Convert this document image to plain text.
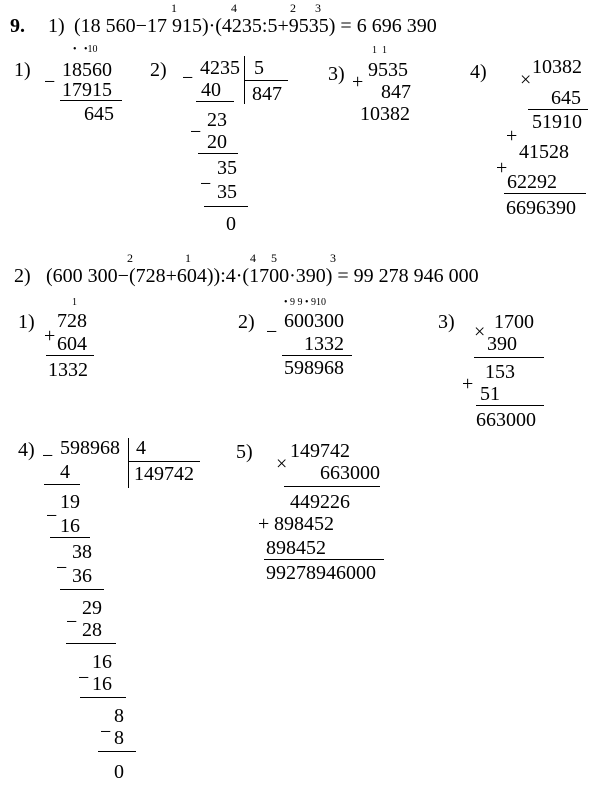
9. 1) (18 560−17 915)·(4235:5+9535) = 6 696 390
1	4	2 3
1)
•   •10
18560
− 17915
645
2) − 4235 5
847
40
−
23
20
−
35
35
0
3)
1  1
9535
+ 847
10382
4) ×
10382
645
51910
+
41528
+
62292
6696390
2) (600 300−(728+604)):4·(1700·390) = 99 278 946 000
2	1	4 5	3
1)
1
728
+ 604
1332
2)
• 9 9 • 910
600300
−
1332
598968
3) × 1700
390
153
+ 51
663000
4) − 598968 4
149742
4
−
19
16
−
38
36
−
29
28
−
16
16
−
8
8
0
5)
×
149742
663000
449226
+ 898452
898452
99278946000
